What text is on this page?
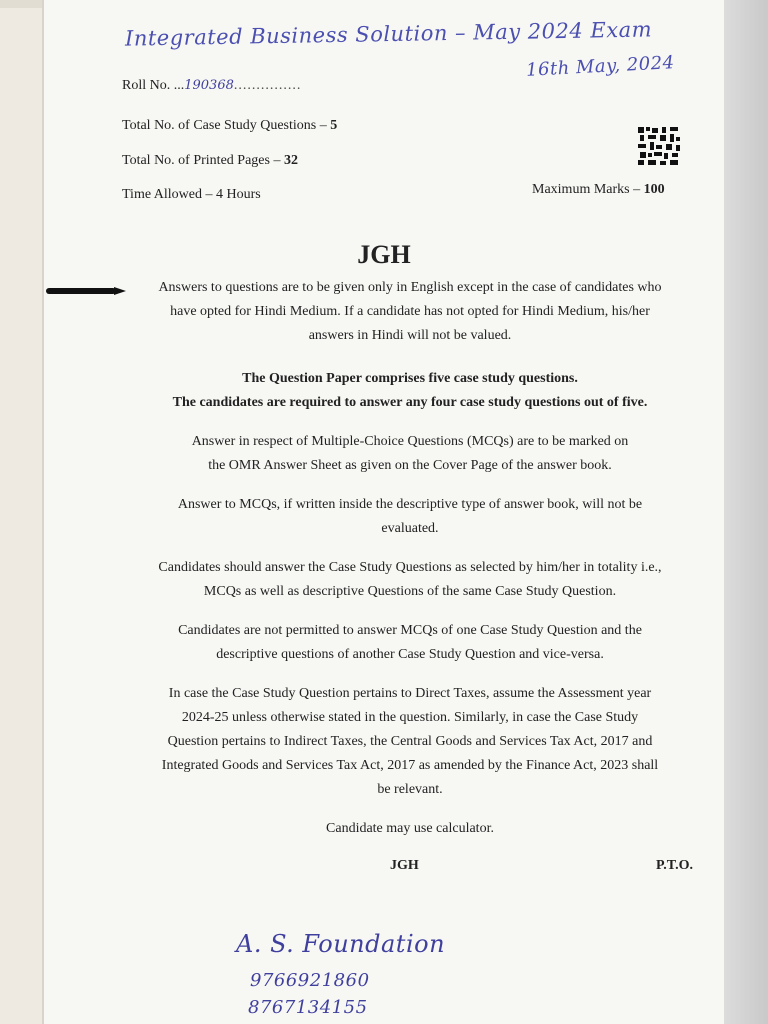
Integrated Business Solution – May 2024 Exam
16th May, 2024
Roll No. ...190368...............
Total No. of Case Study Questions – 5
Total No. of Printed Pages – 32
Time Allowed – 4 Hours	Maximum Marks – 100
JGH
Answers to questions are to be given only in English except in the case of candidates who
have opted for Hindi Medium. If a candidate has not opted for Hindi Medium, his/her
answers in Hindi will not be valued.
The Question Paper comprises five case study questions.
The candidates are required to answer any four case study questions out of five.
Answer in respect of Multiple-Choice Questions (MCQs) are to be marked on
the OMR Answer Sheet as given on the Cover Page of the answer book.
Answer to MCQs, if written inside the descriptive type of answer book, will not be
evaluated.
Candidates should answer the Case Study Questions as selected by him/her in totality i.e.,
MCQs as well as descriptive Questions of the same Case Study Question.
Candidates are not permitted to answer MCQs of one Case Study Question and the
descriptive questions of another Case Study Question and vice-versa.
In case the Case Study Question pertains to Direct Taxes, assume the Assessment year
2024-25 unless otherwise stated in the question. Similarly, in case the Case Study
Question pertains to Indirect Taxes, the Central Goods and Services Tax Act, 2017 and
Integrated Goods and Services Tax Act, 2017 as amended by the Finance Act, 2023 shall
be relevant.
Candidate may use calculator.
JGH	P.T.O.
A. S. Foundation
9766921860
8767134155
